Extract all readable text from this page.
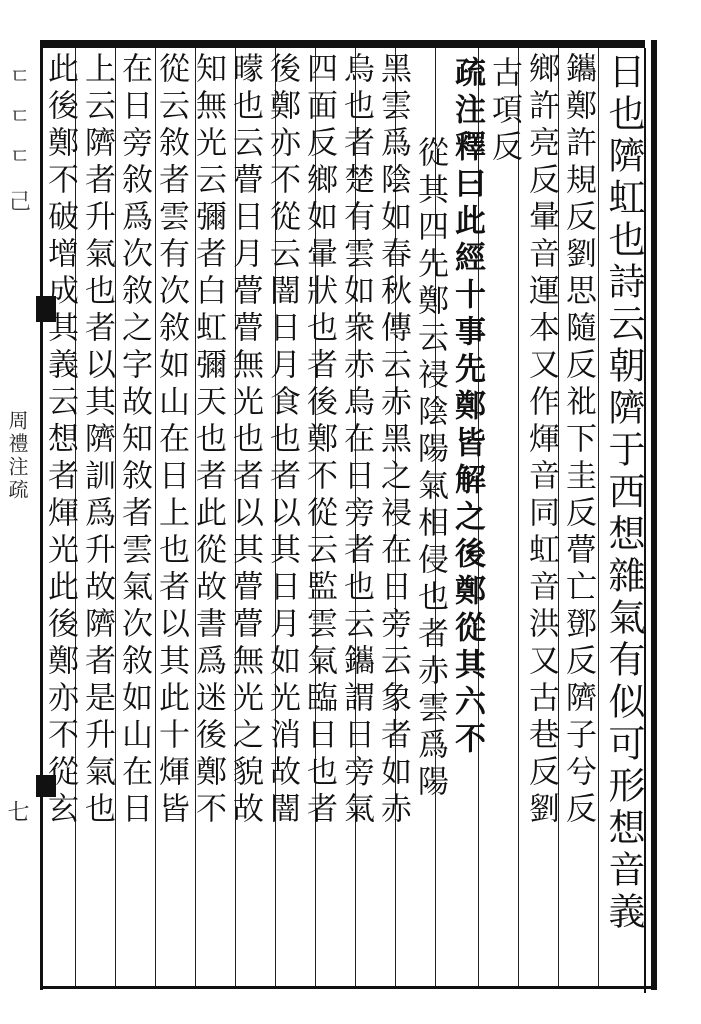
ㄷ
ㄷ
ㄷ
己
周禮注疏
七	日也隮虹也詩云朝隮于西想雜氣有似可形想音義
鑴鄭許規反劉思隨反䃾下圭反瞢亡鄧反隮子兮反
鄉許亮反暈音運本又作煇音同虹音洪又古巷反劉
古項反
疏注釋曰此經十事先鄭皆解之後鄭從其六不
從其四先鄭云祲陰陽氣相侵也者赤雲爲陽
黑雲爲陰如春秋傳云赤黑之祲在日旁云象者如赤
烏也者楚有雲如衆赤烏在日旁者也云鑴謂日旁氣
四面反鄉如暈狀也者後鄭不從云監雲氣臨日也者
後鄭亦不從云闇日月食也者以其日月如光消故闇
曚也云瞢日月瞢瞢無光也者以其瞢瞢無光之貌故
知無光云彌者白虹彌天也者此從故書爲迷後鄭不
從云敘者雲有次敘如山在日上也者以其此十煇皆
在日旁敘爲次敘之字故知敘者雲氣次敘如山在日
上云隮者升氣也者以其隮訓爲升故隮者是升氣也
此後鄭不破增成其義云想者煇光此後鄭亦不從玄
